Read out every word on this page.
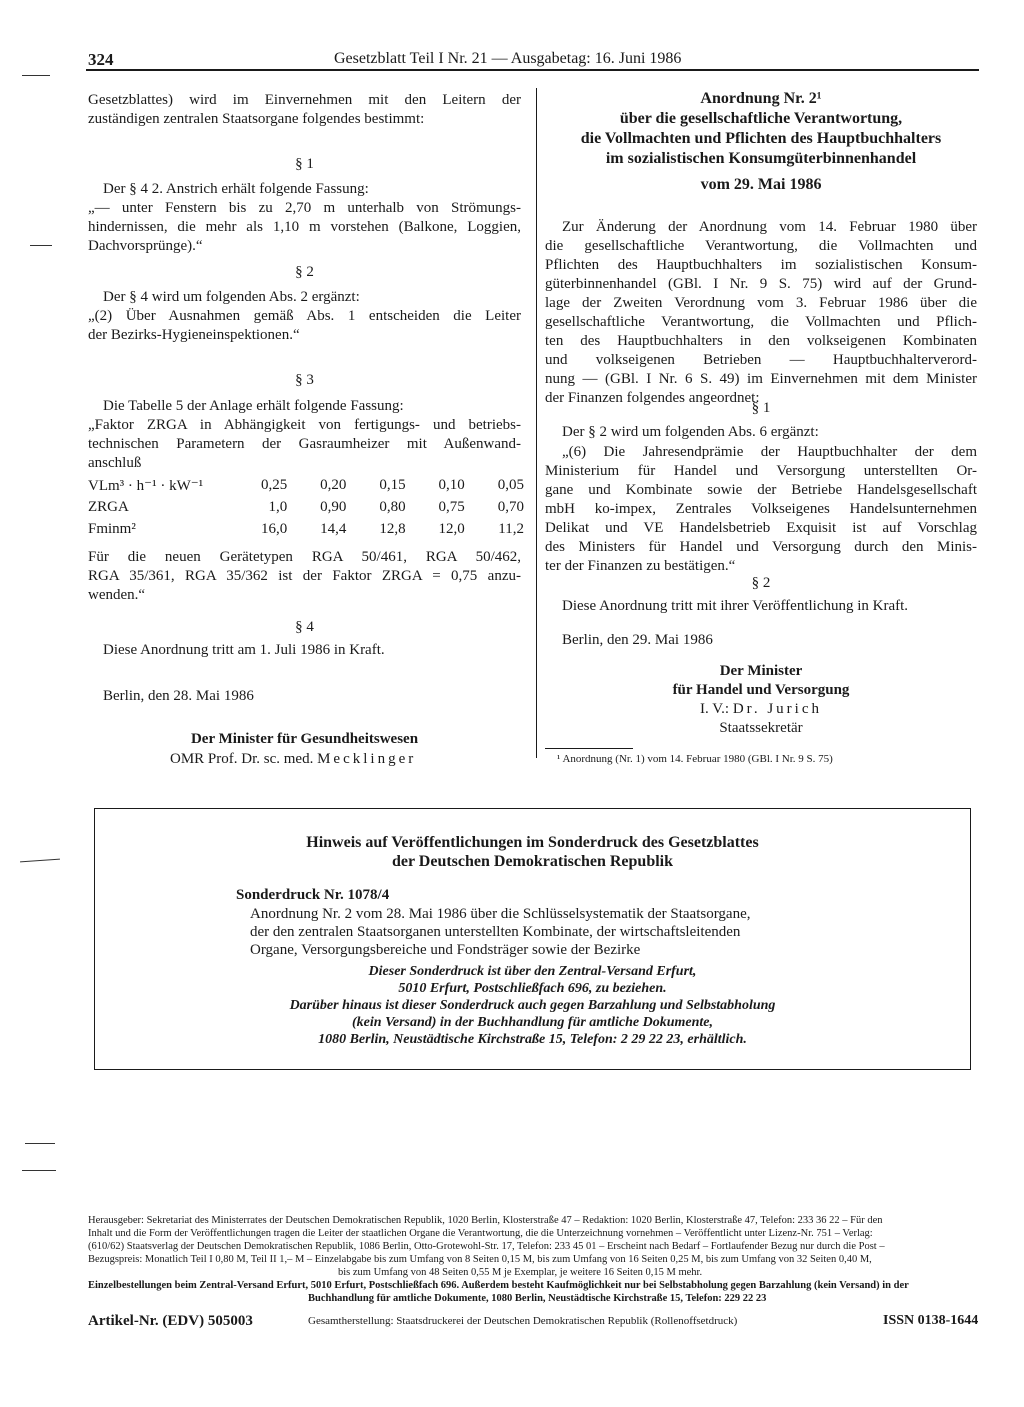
324	Gesetzblatt Teil I Nr. 21 — Ausgabetag: 16. Juni 1986
Gesetzblattes) wird im Einvernehmen mit den Leitern der
zuständigen zentralen Staatsorgane folgendes bestimmt:
§ 1
Der § 4 2. Anstrich erhält folgende Fassung:
„— unter Fenstern bis zu 2,70 m unterhalb von Strömungs-
hindernissen, die mehr als 1,10 m vorstehen (Balkone, Loggien,
Dachvorsprünge).“
§ 2
Der § 4 wird um folgenden Abs. 2 ergänzt:
„(2) Über Ausnahmen gemäß Abs. 1 entscheiden die Leiter
der Bezirks-Hygieneinspektionen.“
§ 3
Die Tabelle 5 der Anlage erhält folgende Fassung:
„Faktor ZRGA in Abhängigkeit von fertigungs- und betriebs-
technischen Parametern der Gasraumheizer mit Außenwand-
anschluß
VLm³ · h⁻¹ · kW⁻¹	0,25	0,20	0,15	0,10	0,05
ZRGA	1,0	0,90	0,80	0,75	0,70
Fminm²	16,0	14,4	12,8	12,0	11,2
Für die neuen Gerätetypen RGA 50/461, RGA 50/462,
RGA 35/361, RGA 35/362 ist der Faktor ZRGA = 0,75 anzu-
wenden.“
§ 4
Diese Anordnung tritt am 1. Juli 1986 in Kraft.
Berlin, den 28. Mai 1986
Der Minister für Gesundheitswesen
OMR Prof. Dr. sc. med. Mecklinger
Anordnung Nr. 2¹
über die gesellschaftliche Verantwortung,
die Vollmachten und Pflichten des Hauptbuchhalters
im sozialistischen Konsumgüterbinnenhandel
vom 29. Mai 1986
Zur Änderung der Anordnung vom 14. Februar 1980 über
die gesellschaftliche Verantwortung, die Vollmachten und
Pflichten des Hauptbuchhalters im sozialistischen Konsum-
güterbinnenhandel (GBl. I Nr. 9 S. 75) wird auf der Grund-
lage der Zweiten Verordnung vom 3. Februar 1986 über die
gesellschaftliche Verantwortung, die Vollmachten und Pflich-
ten des Hauptbuchhalters in den volkseigenen Kombinaten
und volkseigenen Betrieben — Hauptbuchhalterverord-
nung — (GBl. I Nr. 6 S. 49) im Einvernehmen mit dem Minister
der Finanzen folgendes angeordnet:
§ 1
Der § 2 wird um folgenden Abs. 6 ergänzt:
„(6) Die Jahresendprämie der Hauptbuchhalter der dem
Ministerium für Handel und Versorgung unterstellten Or-
gane und Kombinate sowie der Betriebe Handelsgesellschaft
mbH ko-impex, Zentrales Volkseigenes Handelsunternehmen
Delikat und VE Handelsbetrieb Exquisit ist auf Vorschlag
des Ministers für Handel und Versorgung durch den Minis-
ter der Finanzen zu bestätigen.“
§ 2
Diese Anordnung tritt mit ihrer Veröffentlichung in Kraft.
Berlin, den 29. Mai 1986
Der Minister
für Handel und Versorgung
I. V.: Dr. Jurich
Staatssekretär
¹ Anordnung (Nr. 1) vom 14. Februar 1980 (GBl. I Nr. 9 S. 75)
Hinweis auf Veröffentlichungen im Sonderdruck des Gesetzblattes
der Deutschen Demokratischen Republik
Sonderdruck Nr. 1078/4
Anordnung Nr. 2 vom 28. Mai 1986 über die Schlüsselsystematik der Staatsorgane,
der den zentralen Staatsorganen unterstellten Kombinate, der wirtschaftsleitenden
Organe, Versorgungsbereiche und Fondsträger sowie der Bezirke
Dieser Sonderdruck ist über den Zentral-Versand Erfurt,
5010 Erfurt, Postschließfach 696, zu beziehen.
Darüber hinaus ist dieser Sonderdruck auch gegen Barzahlung und Selbstabholung
(kein Versand) in der Buchhandlung für amtliche Dokumente,
1080 Berlin, Neustädtische Kirchstraße 15, Telefon: 2 29 22 23, erhältlich.
Herausgeber: Sekretariat des Ministerrates der Deutschen Demokratischen Republik, 1020 Berlin, Klosterstraße 47 – Redaktion: 1020 Berlin, Klosterstraße 47, Telefon: 233 36 22 – Für den
Inhalt und die Form der Veröffentlichungen tragen die Leiter der staatlichen Organe die Verantwortung, die die Unterzeichnung vornehmen – Veröffentlicht unter Lizenz-Nr. 751 – Verlag:
(610/62) Staatsverlag der Deutschen Demokratischen Republik, 1086 Berlin, Otto-Grotewohl-Str. 17, Telefon: 233 45 01 – Erscheint nach Bedarf – Fortlaufender Bezug nur durch die Post –
Bezugspreis: Monatlich Teil I 0,80 M, Teil II 1,– M – Einzelabgabe bis zum Umfang von 8 Seiten 0,15 M, bis zum Umfang von 16 Seiten 0,25 M, bis zum Umfang von 32 Seiten 0,40 M,
bis zum Umfang von 48 Seiten 0,55 M je Exemplar, je weitere 16 Seiten 0,15 M mehr.
Einzelbestellungen beim Zentral-Versand Erfurt, 5010 Erfurt, Postschließfach 696. Außerdem besteht Kaufmöglichkeit nur bei Selbstabholung gegen Barzahlung (kein Versand) in der
Buchhandlung für amtliche Dokumente, 1080 Berlin, Neustädtische Kirchstraße 15, Telefon: 229 22 23
Artikel-Nr. (EDV) 505003	Gesamtherstellung: Staatsdruckerei der Deutschen Demokratischen Republik (Rollenoffsetdruck)	ISSN 0138-1644
